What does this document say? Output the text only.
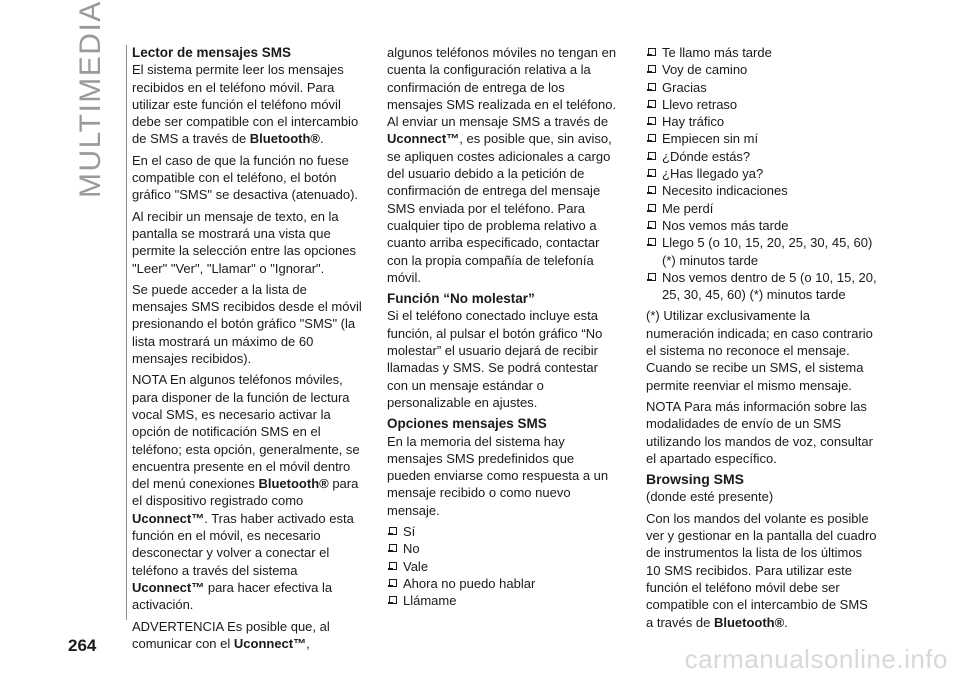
MULTIMEDIA	Lector de mensajes SMS

El sistema permite leer los mensajes recibidos en el teléfono móvil. Para utilizar este función el teléfono móvil debe ser compatible con el intercambio de SMS a través de Bluetooth®.

En el caso de que la función no fuese compatible con el teléfono, el botón gráfico "SMS" se desactiva (atenuado).

Al recibir un mensaje de texto, en la pantalla se mostrará una vista que permite la selección entre las opciones "Leer" "Ver", "Llamar" o "Ignorar".

Se puede acceder a la lista de mensajes SMS recibidos desde el móvil presionando el botón gráfico "SMS" (la lista mostrará un máximo de 60 mensajes recibidos).

NOTA En algunos teléfonos móviles, para disponer de la función de lectura vocal SMS, es necesario activar la opción de notificación SMS en el teléfono; esta opción, generalmente, se encuentra presente en el móvil dentro del menú conexiones Bluetooth® para el dispositivo registrado como Uconnect™. Tras haber activado esta función en el móvil, es necesario desconectar y volver a conectar el teléfono a través del sistema Uconnect™ para hacer efectiva la activación.

ADVERTENCIA Es posible que, al comunicar con el Uconnect™,

algunos teléfonos móviles no tengan en cuenta la configuración relativa a la confirmación de entrega de los mensajes SMS realizada en el teléfono. Al enviar un mensaje SMS a través de Uconnect™, es posible que, sin aviso, se apliquen costes adicionales a cargo del usuario debido a la petición de confirmación de entrega del mensaje SMS enviada por el teléfono. Para cualquier tipo de problema relativo a cuanto arriba especificado, contactar con la propia compañía de telefonía móvil.

Función “No molestar”

Si el teléfono conectado incluye esta función, al pulsar el botón gráfico “No molestar” el usuario dejará de recibir llamadas y SMS. Se podrá contestar con un mensaje estándar o personalizable en ajustes.

Opciones mensajes SMS

En la memoria del sistema hay mensajes SMS predefinidos que pueden enviarse como respuesta a un mensaje recibido o como nuevo mensaje.

Sí
No
Vale
Ahora no puedo hablar
Llámame
Te llamo más tarde
Voy de camino
Gracias
Llevo retraso
Hay tráfico
Empiecen sin mí
¿Dónde estás?
¿Has llegado ya?
Necesito indicaciones
Me perdí
Nos vemos más tarde
Llego 5 (o 10, 15, 20, 25, 30, 45, 60) (*) minutos tarde
Nos vemos dentro de 5 (o 10, 15, 20, 25, 30, 45, 60) (*) minutos tarde

(*) Utilizar exclusivamente la numeración indicada; en caso contrario el sistema no reconoce el mensaje. Cuando se recibe un SMS, el sistema permite reenviar el mismo mensaje.

NOTA Para más información sobre las modalidades de envío de un SMS utilizando los mandos de voz, consultar el apartado específico.

Browsing SMS

(donde esté presente)

Con los mandos del volante es posible ver y gestionar en la pantalla del cuadro de instrumentos la lista de los últimos 10 SMS recibidos. Para utilizar este función el teléfono móvil debe ser compatible con el intercambio de SMS a través de Bluetooth®.

264	carmanualsonline.info
